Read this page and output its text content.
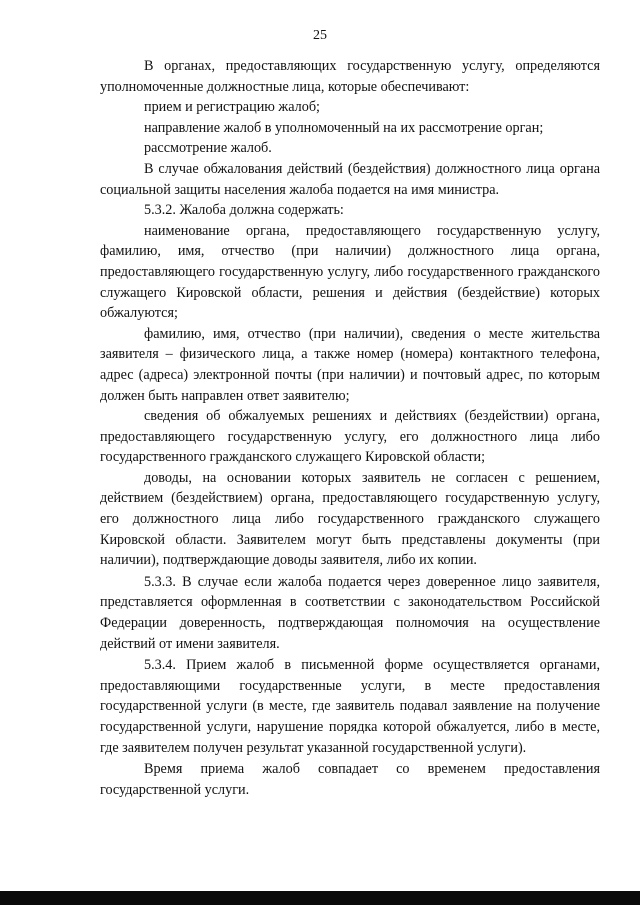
25

В органах, предоставляющих государственную услугу, определяются уполномоченные должностные лица, которые обеспечивают:

прием и регистрацию жалоб;

направление жалоб в уполномоченный на их рассмотрение орган;

рассмотрение жалоб.

В случае обжалования действий (бездействия) должностного лица органа социальной защиты населения жалоба подается на имя министра.

5.3.2. Жалоба должна содержать:

наименование органа, предоставляющего государственную услугу, фамилию, имя, отчество (при наличии) должностного лица органа, предоставляющего государственную услугу, либо государственного гражданского служащего Кировской области, решения и действия (бездействие) которых обжалуются;

фамилию, имя, отчество (при наличии), сведения о месте жительства заявителя – физического лица, а также номер (номера) контактного телефона, адрес (адреса) электронной почты (при наличии) и почтовый адрес, по которым должен быть направлен ответ заявителю;

сведения об обжалуемых решениях и действиях (бездействии) органа, предоставляющего государственную услугу, его должностного лица либо государственного гражданского служащего Кировской области;

доводы, на основании которых заявитель не согласен с решением, действием (бездействием) органа, предоставляющего государственную услугу, его должностного лица либо государственного гражданского служащего Кировской области. Заявителем могут быть представлены документы (при наличии), подтверждающие доводы заявителя, либо их копии.

5.3.3. В случае если жалоба подается через доверенное лицо заявителя, представляется оформленная в соответствии с законодательством Российской Федерации доверенность, подтверждающая полномочия на осуществление действий от имени заявителя.

5.3.4. Прием жалоб в письменной форме осуществляется органами, предоставляющими государственные услуги, в месте предоставления государственной услуги (в месте, где заявитель подавал заявление на получение государственной услуги, нарушение порядка которой обжалуется, либо в месте, где заявителем получен результат указанной государственной услуги).

Время приема жалоб совпадает со временем предоставления государственной услуги.
